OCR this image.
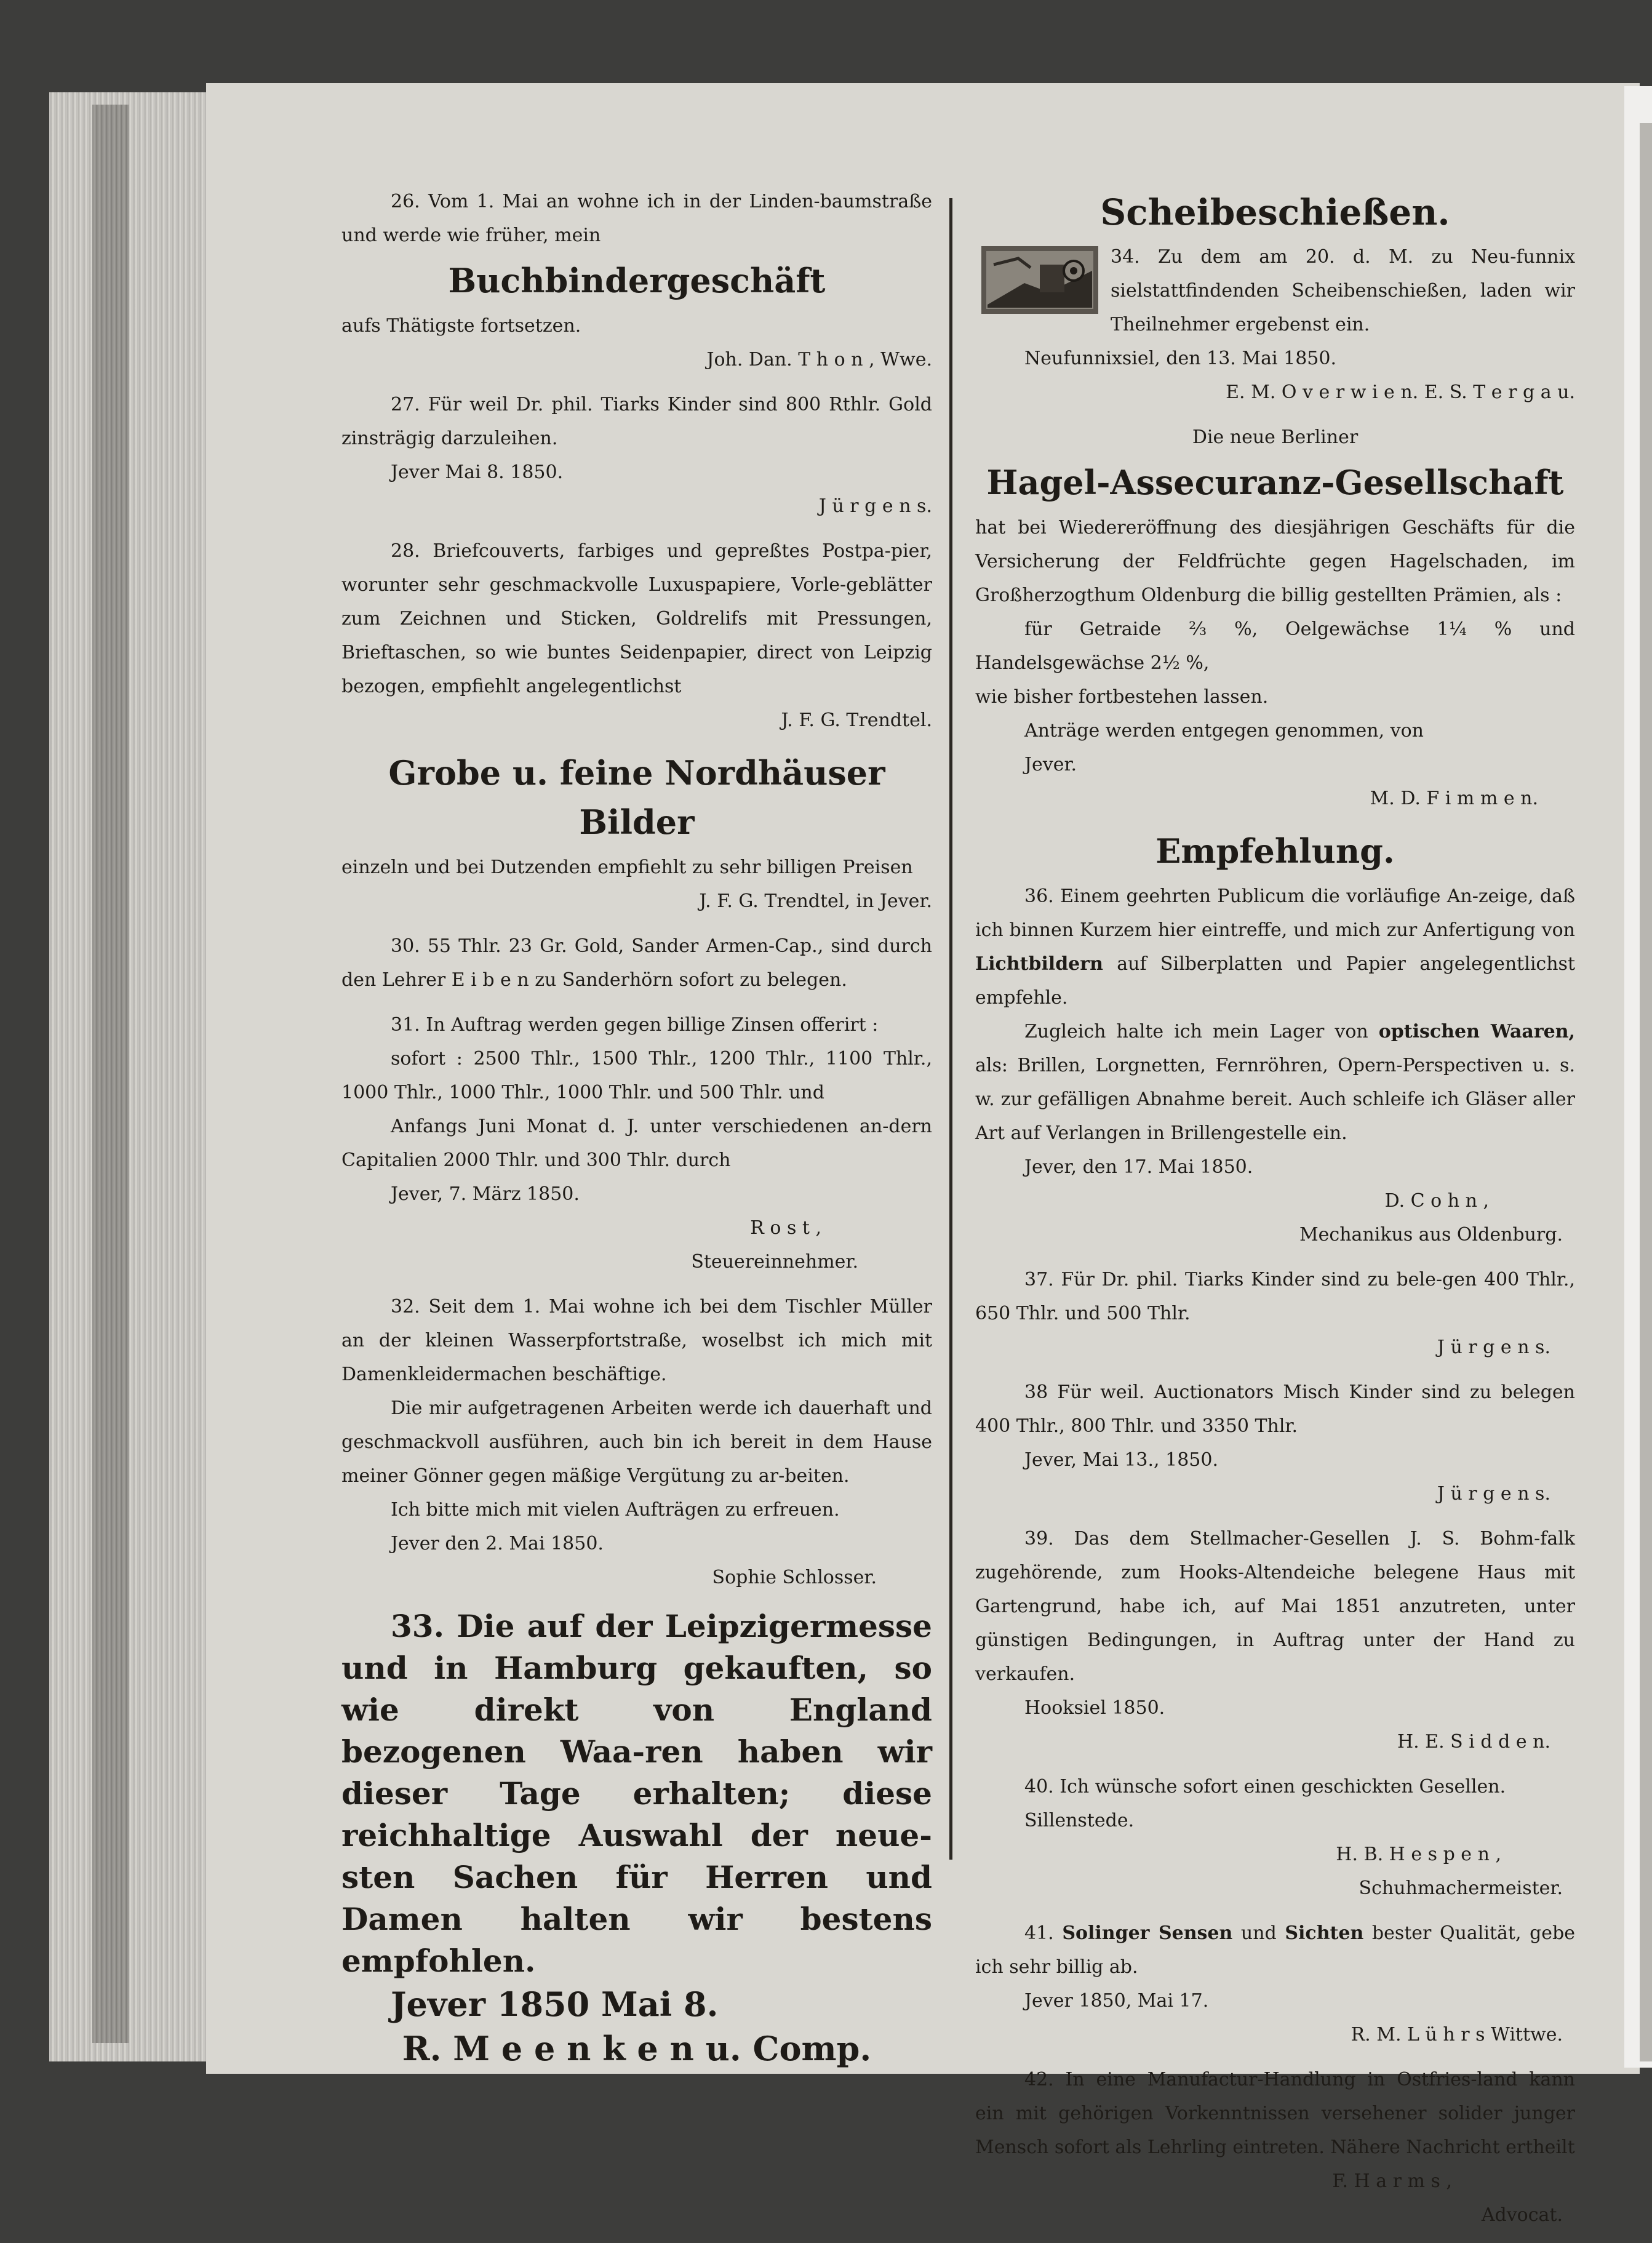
26. Vom 1. Mai an wohne ich in der Linden-baumstraße und werde wie früher, mein

Buchbindergeschäft

aufs Thätigste fortsetzen.

Joh. Dan. T h o n , Wwe.

27. Für weil Dr. phil. Tiarks Kinder sind 800 Rthlr. Gold zinsträgig darzuleihen.

Jever Mai 8. 1850.

J ü r g e n s.

28. Briefcouverts, farbiges und gepreßtes Postpa-pier, worunter sehr geschmackvolle Luxuspapiere, Vorle-geblätter zum Zeichnen und Sticken, Goldrelifs mit Pressungen, Brieftaschen, so wie buntes Seidenpapier, direct von Leipzig bezogen, empfiehlt angelegentlichst

J. F. G. Trendtel.

Grobe u. feine Nordhäuser Bilder

einzeln und bei Dutzenden empfiehlt zu sehr billigen Preisen

J. F. G. Trendtel, in Jever.

30. 55 Thlr. 23 Gr. Gold, Sander Armen-Cap., sind durch den Lehrer E i b e n zu Sanderhörn sofort zu belegen.

31. In Auftrag werden gegen billige Zinsen offerirt :

sofort : 2500 Thlr., 1500 Thlr., 1200 Thlr., 1100 Thlr., 1000 Thlr., 1000 Thlr., 1000 Thlr. und 500 Thlr. und

Anfangs Juni Monat d. J. unter verschiedenen an-dern Capitalien 2000 Thlr. und 300 Thlr. durch

Jever, 7. März 1850.

R o s t ,

Steuereinnehmer.

32. Seit dem 1. Mai wohne ich bei dem Tischler Müller an der kleinen Wasserpfortstraße, woselbst ich mich mit Damenkleidermachen beschäftige.

Die mir aufgetragenen Arbeiten werde ich dauerhaft und geschmackvoll ausführen, auch bin ich bereit in dem Hause meiner Gönner gegen mäßige Vergütung zu ar-beiten.

Ich bitte mich mit vielen Aufträgen zu erfreuen.

Jever den 2. Mai 1850.

Sophie Schlosser.

33. Die auf der Leipzigermesse und in Hamburg gekauften, so wie direkt von England bezogenen Waa-ren haben wir dieser Tage erhalten; diese reichhaltige Auswahl der neue-sten Sachen für Herren und Damen halten wir bestens empfohlen.

Jever 1850 Mai 8.

R. M e e n k e n u. Comp.

Scheibeschießen.

34. Zu dem am 20. d. M. zu Neu-funnix sielstattfindenden Scheibenschießen, laden wir Theilnehmer ergebenst ein.

Neufunnixsiel, den 13. Mai 1850.

E. M. O v e r w i e n. E. S. T e r g a u.

Die neue Berliner

Hagel-Assecuranz-Gesellschaft

hat bei Wiedereröffnung des diesjährigen Geschäfts für die Versicherung der Feldfrüchte gegen Hagelschaden, im Großherzogthum Oldenburg die billig gestellten Prämien, als :

für Getraide ⅔ %, Oelgewächse 1¼ % und Handelsgewächse 2½ %,

wie bisher fortbestehen lassen.

Anträge werden entgegen genommen, von

Jever.

M. D. F i m m e n.

Empfehlung.

36. Einem geehrten Publicum die vorläufige An-zeige, daß ich binnen Kurzem hier eintreffe, und mich zur Anfertigung von Lichtbildern auf Silberplatten und Papier angelegentlichst empfehle.

Zugleich halte ich mein Lager von optischen Waaren, als: Brillen, Lorgnetten, Fernröhren, Opern-Perspectiven u. s. w. zur gefälligen Abnahme bereit. Auch schleife ich Gläser aller Art auf Verlangen in Brillengestelle ein.

Jever, den 17. Mai 1850.

D. C o h n ,

Mechanikus aus Oldenburg.

37. Für Dr. phil. Tiarks Kinder sind zu bele-gen 400 Thlr., 650 Thlr. und 500 Thlr.

J ü r g e n s.

38 Für weil. Auctionators Misch Kinder sind zu belegen 400 Thlr., 800 Thlr. und 3350 Thlr.

Jever, Mai 13., 1850.

J ü r g e n s.

39. Das dem Stellmacher-Gesellen J. S. Bohm-falk zugehörende, zum Hooks-Altendeiche belegene Haus mit Gartengrund, habe ich, auf Mai 1851 anzutreten, unter günstigen Bedingungen, in Auftrag unter der Hand zu verkaufen.

Hooksiel 1850.

H. E. S i d d e n.

40. Ich wünsche sofort einen geschickten Gesellen.

Sillenstede.

H. B. H e s p e n ,

Schuhmachermeister.

41. Solinger Sensen und Sichten bester Qualität, gebe ich sehr billig ab.

Jever 1850, Mai 17.

R. M. L ü h r s Wittwe.

42. In eine Manufactur-Handlung in Ostfries-land kann ein mit gehörigen Vorkenntnissen versehener solider junger Mensch sofort als Lehrling eintreten. Nähere Nachricht ertheilt

F. H a r m s ,

Advocat.
